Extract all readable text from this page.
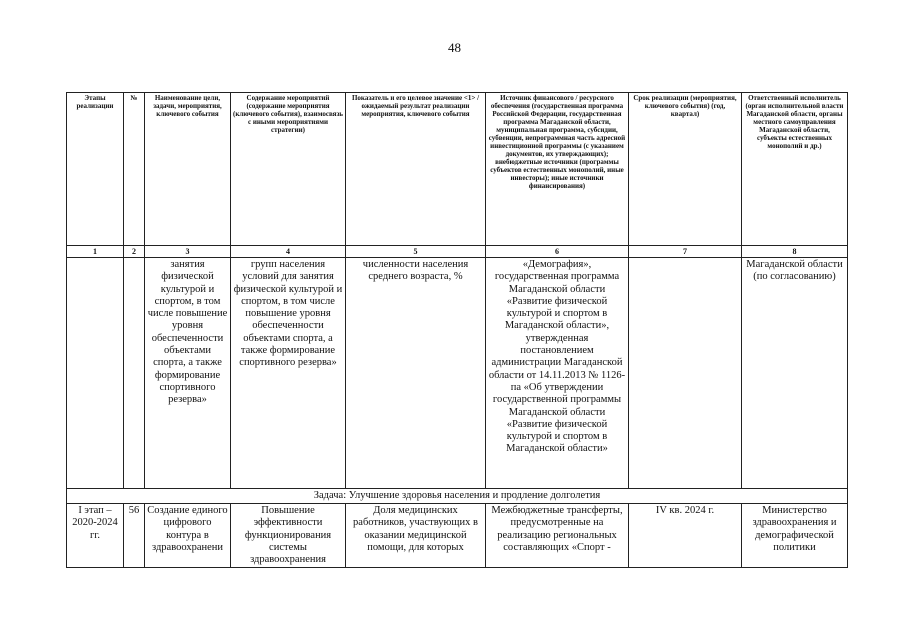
48
Этапы реализации	№	Наименование цели, задачи, мероприятия, ключевого события	Содержание мероприятий (содержание мероприятия (ключевого события), взаимосвязь с иными мероприятиями стратегии)	Показатель и его целевое значение <1> /ожидаемый результат реализации мероприятия, ключевого события	Источник финансового / ресурсного обеспечения (государственная программа Российской Федерации, государственная программа Магаданской области, муниципальная программа, субсидии, субвенции, непрограммная часть адресной инвестиционной программы (с указанием документов, их утверждающих); внебюджетные источники (программы субъектов естественных монополий, иные инвесторы); иные источники финансирования)	Срок реализации (мероприятия, ключевого события) (год, квартал)	Ответственный исполнитель (орган исполнительной власти Магаданской области, органы местного самоуправления Магаданской области, субъекты естественных монополий и др.)
1	2	3	4	5	6	7	8
		занятия физической культурой и спортом, в том числе повышение уровня обеспеченности объектами спорта, а также формирование спортивного резерва»	групп населения условий для занятия физической культурой и спортом, в том числе повышение уровня обеспеченности объектами спорта, а также формирование спортивного резерва»	численности населения среднего возраста, %	«Демография», государственная программа Магаданской области «Развитие физической культурой и спортом в Магаданской области», утвержденная постановлением администрации Магаданской области от 14.11.2013 № 1126-па «Об утверждении государственной программы Магаданской области «Развитие физической культурой и спортом в Магаданской области»		Магаданской области (по согласованию)
Задача: Улучшение здоровья населения и продление долголетия							
I этап – 2020-2024 гг.	56	Создание единого цифрового контура в здравоохранени	Повышение эффективности функционирования системы здравоохранения	Доля медицинских работников, участвующих в оказании медицинской помощи, для которых	Межбюджетные трансферты, предусмотренные на реализацию региональных составляющих «Спорт -	IV кв. 2024 г.	Министерство здравоохранения и демографической политики
